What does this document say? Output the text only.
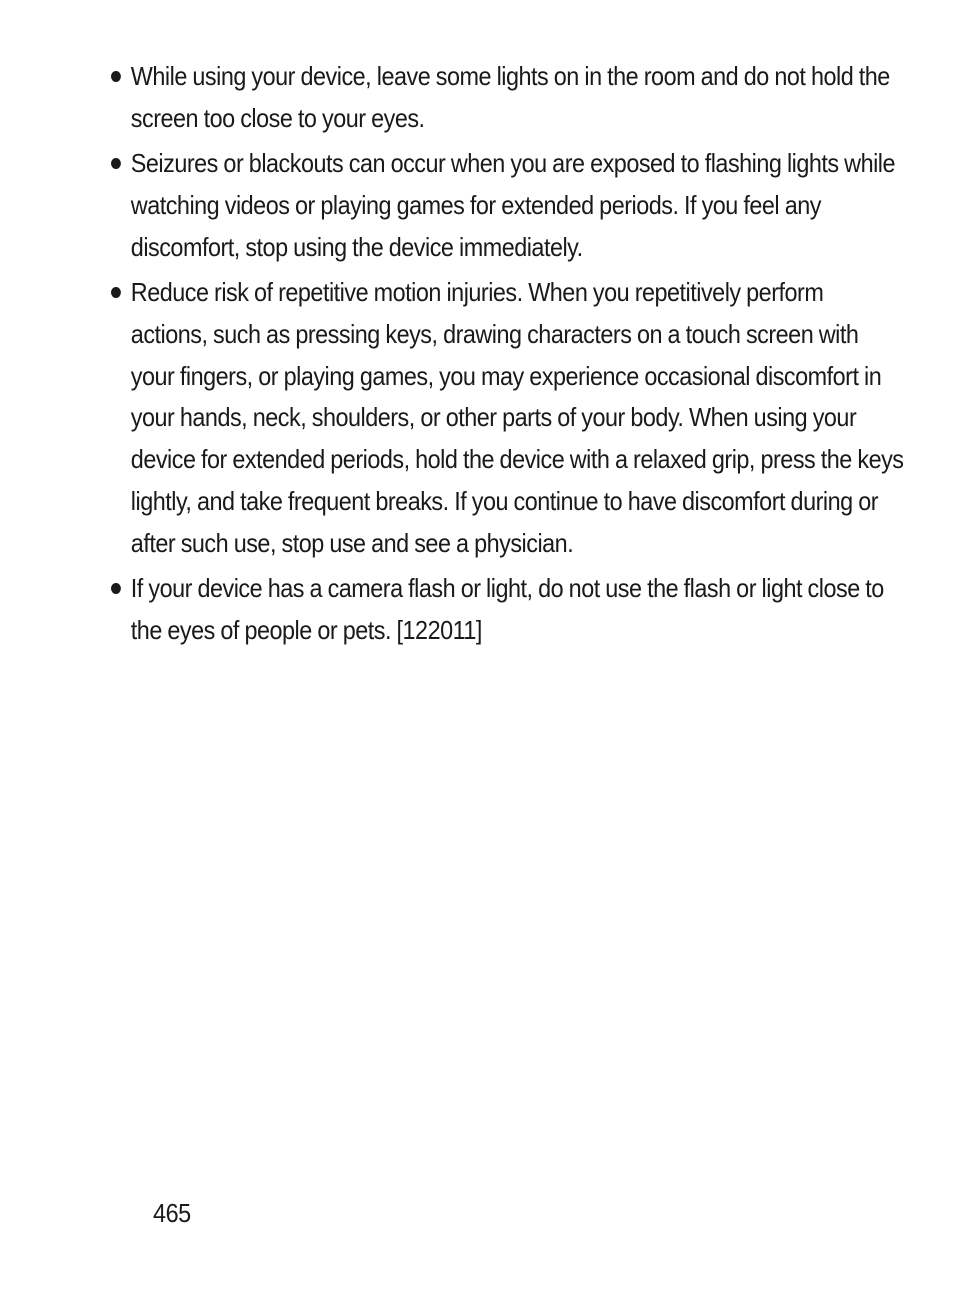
While using your device, leave some lights on in the room and do not hold the screen too close to your eyes.
Seizures or blackouts can occur when you are exposed to flashing lights while watching videos or playing games for extended periods. If you feel any discomfort, stop using the device immediately.
Reduce risk of repetitive motion injuries. When you repetitively perform actions, such as pressing keys, drawing characters on a touch screen with your fingers, or playing games, you may experience occasional discomfort in your hands, neck, shoulders, or other parts of your body. When using your device for extended periods, hold the device with a relaxed grip, press the keys lightly, and take frequent breaks. If you continue to have discomfort during or after such use, stop use and see a physician.
If your device has a camera flash or light, do not use the flash or light close to the eyes of people or pets. [122011]
465
